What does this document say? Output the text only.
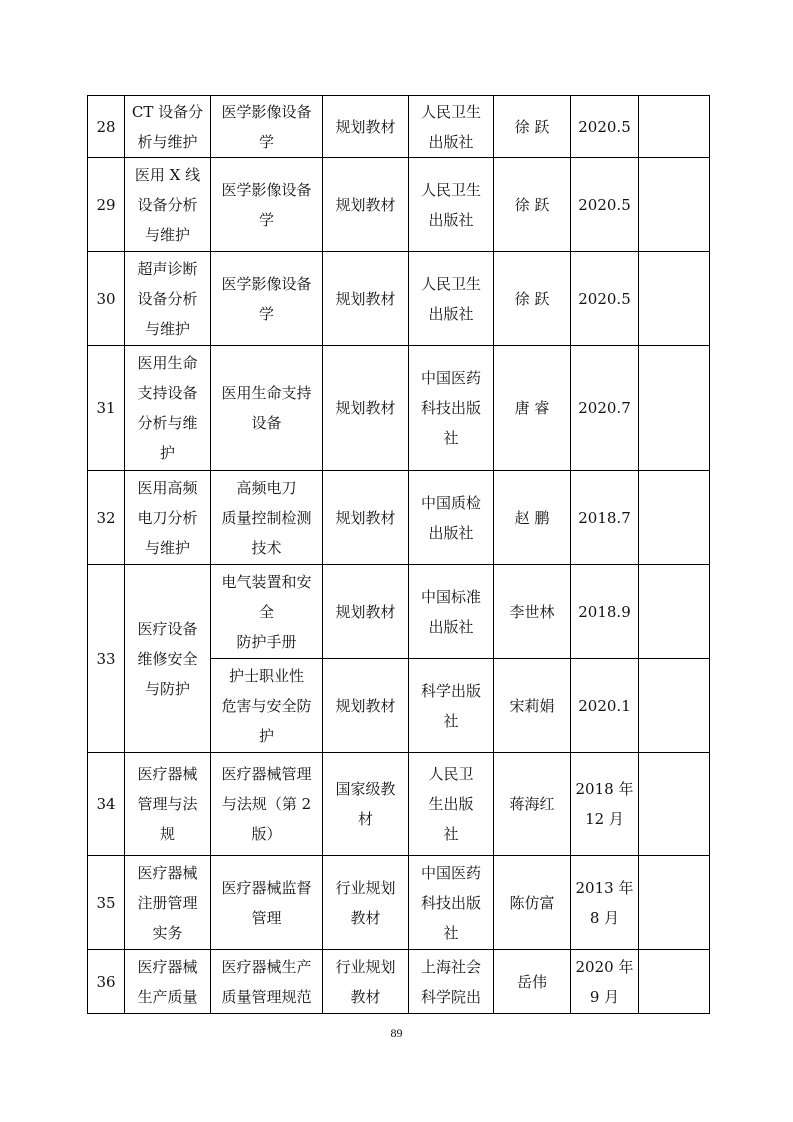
28	CT 设备分
析与维护	医学影像设备
学	规划教材	人民卫生
出版社	徐 跃	2020.5	
29	医用 X 线
设备分析
与维护	医学影像设备
学	规划教材	人民卫生
出版社	徐 跃	2020.5	
30	超声诊断
设备分析
与维护	医学影像设备
学	规划教材	人民卫生
出版社	徐 跃	2020.5	
31	医用生命
支持设备
分析与维
护	医用生命支持
设备	规划教材	中国医药
科技出版
社	唐 睿	2020.7	
32	医用高频
电刀分析
与维护	高频电刀
质量控制检测
技术	规划教材	中国质检
出版社	赵 鹏	2018.7	
33	医疗设备
维修安全
与防护	电气装置和安
全
防护手册	规划教材	中国标准
出版社	李世林	2018.9	
		护士职业性
危害与安全防
护	规划教材	科学出版
社	宋莉娟	2020.1	
34	医疗器械
管理与法
规	医疗器械管理
与法规（第 2
版）	国家级教
材	人民卫
生出版
社	蒋海红	2018 年
12 月	
35	医疗器械
注册管理
实务	医疗器械监督
管理	行业规划
教材	中国医药
科技出版
社	陈仿富	2013 年
8 月	
36	医疗器械
生产质量	医疗器械生产
质量管理规范	行业规划
教材	上海社会
科学院出	岳伟	2020 年
9 月	
89
